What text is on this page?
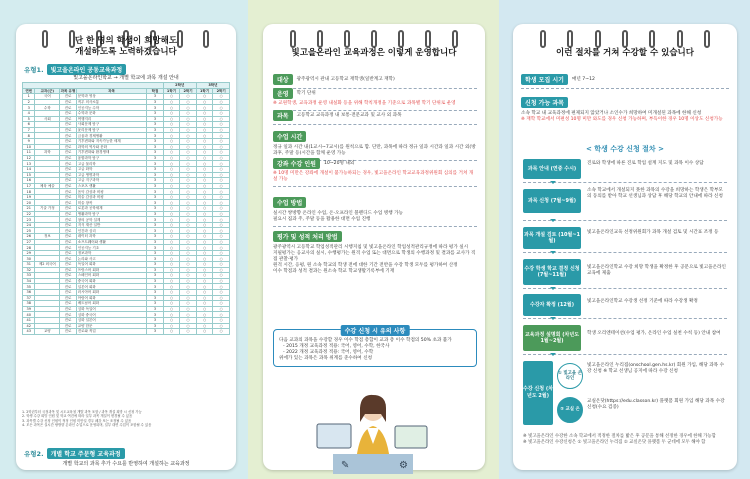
단 한 명의 학생이 희망해도
개설하도록 노력하겠습니다
유형1. 빛고을온라인 공동교육과정
빛고을온라인학교 → 개별 학교에 과목 개설 안내
					2학년		3학년	
연번	교과(군)	과목 유형	과목	학점	1학기	2학기	1학기	2학기
1	국어	진로	문학과 영상	3	○	○	○	○
2		진로	직무 의사소통	3	○	○	○	○
3	수학	진로	인공지능 수학	3	○	○	○	○
4		진로	수학과 문화	3	○	○	○	○
5	사회	진로	여행지리	3	○	○	○	○
6		진로	사회문제 탐구	3	○	○	○	○
7		진로	윤리문제 탐구	3	○	○	○	○
8		진로	금융과 경제생활	3	○	○	○	○
9		진로	기후변화와 지속가능한 세계	3	○	○	○	○
10		진로	과학의 역사와 문화	3	○	○	○	○
11	과학	진로	기후변화와 환경생태	3	○	○	○	○
12		진로	융합과학 탐구	3	○	○	○	○
13		진로	고급 물리학	3	○	○	○	○
14		진로	고급 화학	3	○	○	○	○
15		진로	고급 생명과학	3	○	○	○	○
16		진로	고급 지구과학	3	○	○	○	○
17	체육 예술	진로	스포츠 생활	3	○	○	○	○
18		진로	음악 감상과 비평	3	○	○	○	○
19		진로	미술 감상과 비평	3	○	○	○	○
20		진로	미술 창작	3	○	○	○	○
21	기술 가정	진로	로봇과 공학세계	3	○	○	○	○
22		진로	생활과학 탐구	3	○	○	○	○
23		진로	창의 공학 설계	3	○	○	○	○
24		진로	지식 재산 일반	3	○	○	○	○
25		진로	인간과 심리	3	○	○	○	○
26	정보	진로	데이터 과학	3	○	○	○	○
27		진로	소프트웨어와 생활	3	○	○	○	○
28		진로	인공지능 기초	3	○	○	○	○
29		진로	정보과학	3	○	○	○	○
30		진로	논리와 사고	3	○	○	○	○
31	제2 외국어	진로	독일어 회화	3	○	○	○	○
32		진로	프랑스어 회화	3	○	○	○	○
33		진로	스페인어 회화	3	○	○	○	○
34		진로	중국어 회화	3	○	○	○	○
35		진로	일본어 회화	3	○	○	○	○
36		진로	러시아어 회화	3	○	○	○	○
37		진로	아랍어 회화	3	○	○	○	○
38		진로	베트남어 회화	3	○	○	○	○
39		진로	심화 독일어	3	○	○	○	○
40		진로	심화 중국어	3	○	○	○	○
41		진로	심화 일본어	3	○	○	○	○
42		진로	교양 한문	3	○	○	○	○
43	교양	진로	진로와 직업	3	○	○	○	○
1. 2학년부터 국정과목 및 시도교육청 개발 과목 포함 / 과목 개설 희망 시 신청 가능
2. 학생 수강 희망 인원 및 학교 여건에 따라 일부 과목 개설이 변경될 수 있음
3. 과목별 수강 신청 인원이 적정 인원 미만일 경우 폐강 또는 조정될 수 있음
4. 모든 과목은 실시간 쌍방향 온라인 수업으로 운영되며, 일부 대면 수업이 포함될 수 있음
유형2. 개별 학교 주문형 교육과정
개별 학교의 과목 추가 수요를 반영하여 개설하는 교육과정
빛고을온라인 교육과정은 이렇게 운영합니다
대상	광주광역시 관내 고등학교 재학생(일반계고 재학)
운영	학기 단위
※ 교원학생, 교육과정 운영 내실화 등을 위해 학칙개정을 기준으로 과목별 학기 단위로 운영
과목	고등학교 교육과정 내 보통·전문교과 및 교사 외 과목
수업 시간
정규 일과 시간 내(1교시~7교시)를 원칙으로 함. 단만, 과목에 따라 정규 일과 시간과 일과 시간 외(방과후, 주말 등)시간을 함께 운영 가능
강좌 수강 인원	10~20명 내외
※ 10명 미만은 강좌에 개설이 불가능하되는 경우, 빛고을온라인 학교교육과정위원회 심의를 거쳐 개설 가능
수업 방법
실시간 쌍방향 온라인 수업, 온·오프라인 블렌디드 수업 병행 가능
필요시 집과 주, 주말 등을 활용한 대면 수업 진행
평가 및 성적 처리 방법
광주광역시 고등학교 학업성적관리 시행지침 및 빛고을온라인 학업성적관리규정에 따라 평가 실시
지필평가는 응교사의 실시, 수행평가는 원격 수업 또는 대면으로 학생의 수행과정 및 결과를 교사가 직접 관찰·평가
원격 시간, 응평, 원 소속 학교의 학생 전에 대한 기간 전반을 수강 학생 모두를 평가하여 산정
이수 학점과 성적 결과는 원소속 학교 학교생활기록부에 기재
수강 신청 시 유의 사항
다음 교과의 과목을 수강할 경우 이수 학점 총합이 교과 총 이수 학점의 50% 초과 불가
- 2015 개정 교육과정 적용: 국어, 영어, 수학, 한국사
- 2022 개정 교육과정 적용: 국어, 영어, 수학
위에가 있는 과목은 과목 위계를 준수하여 신청
✎	⚙
이런 절차를 거쳐 수강할 수 있습니다
학생 모집 시기	매년 7~12
신청 가능 과목
소속 학교 내 교육과정에 편제되지 않았거나 소인수가 희망하여 미개설된 과목에 한해 신청
※ 재학 학교에서 미편성 10명 미만 와도를 경우 신청 가능하며, 부득이한 경우 10명 이상도 신청가능
< 학생 수강 신청 절차 >
과목 안내 (연중 수시)
진로와 학생에 따른 진로 학업 설계 지도 및 과목 이수 상담
과목 신청 (7월~9월)
소속 학교에서 개설되지 못한 과목의 수강을 희망하는 학생은 학부모의 동의를 받아 학교 선생님과 상담 후 해당 학교의 안내에 따라 신청
과목 개설 검토 (10월~1월)
빛고을온라인교육 선정위원회가 과목 개설 검토 및 시간표 조정 등
수강 학생 학교 결정 신청 (7월~11월)
빛고을온라인학교 수강 희망 학생을 확정한 후 공문으로 빛고을온라인교육에 제출
수강자 확정 (12월)
빛고을온라인학교 수강생 선정 기준에 따라 수강생 확정
교육과정 설명회 (차년도 1월~2월)
학생 오리엔테이션(수업 평가, 온라인 수업 실천 수칙 등) 안내 참여
수강 신청 (차년도 2월)
① 빛고을 온라인
빛고을온라인 누리집(onschool.gen.hs.kr) 회원 가입, 해당 과목 수강 신청 ※ 학교 선생님 공지에 따라 수강 신청
② 교실 온
교실온닷(https://edu.classon.kr) 플랫폼 회원 가입 해당 과목 수강 신청(수요 검증)
※ 빛고을온라인 수강한 소속 학교에서 적정한 절차를 밟은 후 공문을 통해 선정한 경우에 한해 가능함
※ 빛고을온라인 수강신청은 ① 빛고을온라인 누리집 ② 교실온닷 플랫폼 두 군데에 모두 해야 함
